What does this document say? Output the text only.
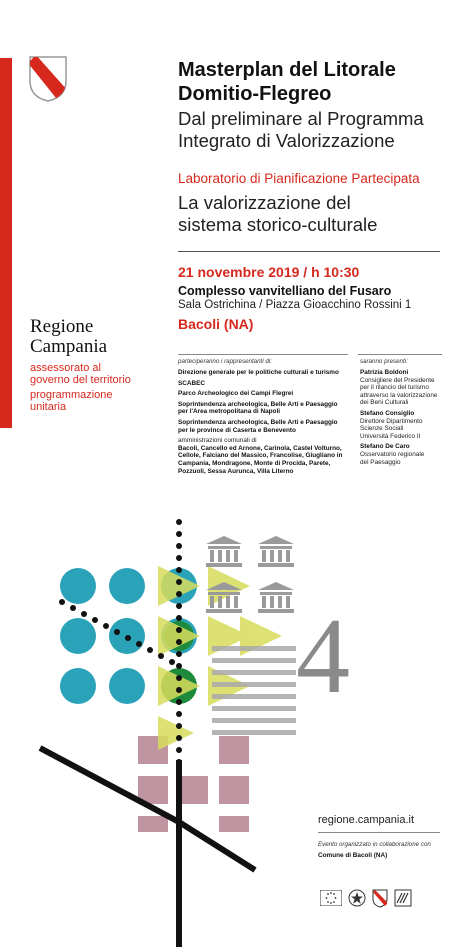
Masterplan del Litorale
Domitio-Flegreo
Dal preliminare al Programma
Integrato di Valorizzazione
Laboratorio di Pianificazione Partecipata
La valorizzazione del
sistema storico-culturale
21 novembre 2019 / h 10:30
Complesso vanvitelliano del Fusaro
Sala Ostrichina / Piazza Gioacchino Rossini 1
Bacoli (NA)
Regione
Campania
assessorato al
governo del territorio
programmazione
unitaria
parteciperanno i rappresentanti di:
Direzione generale per le politiche culturali e turismo
SCABEC
Parco Archeologico dei Campi Flegrei
Soprintendenza archeologica, Belle Arti e Paesaggio
per l'Area metropolitana di Napoli
Soprintendenza archeologica, Belle Arti e Paesaggio
per le province di Caserta e Benevento
amministrazioni comunali di
Bacoli, Cancello ed Arnone, Carinola, Castel Volturno,
Cellole, Falciano del Massico, Francolise, Giugliano in
Campania, Mondragone, Monte di Procida, Parete,
Pozzuoli, Sessa Aurunca, Villa Literno
saranno presenti:
Patrizia Boldoni
Consigliere del Presidente
per il rilancio del turismo
attraverso la valorizzazione
dei Beni Culturali
Stefano Consiglio
Direttore Dipartimento
Scienze Sociali
Università Federico II
Stefano De Caro
Osservatorio regionale
del Paesaggio
4
regione.campania.it
Evento organizzato in collaborazione con
Comune di Bacoli (NA)
